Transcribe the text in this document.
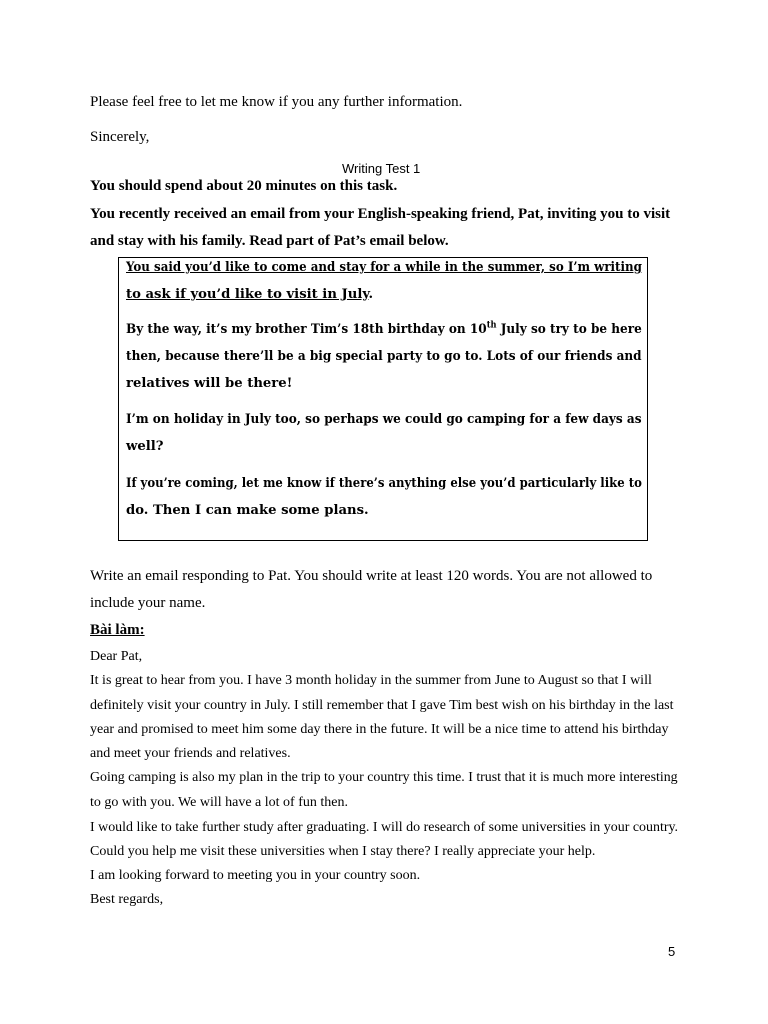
Please feel free to let me know if you any further information.
Sincerely,
Writing Test 1
You should spend about 20 minutes on this task.
You recently received an email from your English-speaking friend, Pat, inviting you to visit
and stay with his family. Read part of Pat’s email below.
You said you’d like to come and stay for a while in the summer, so I’m writing
to ask if you’d like to visit in July.
By the way, it’s my brother Tim’s 18th birthday on 10th July so try to be here
then, because there’ll be a big special party to go to. Lots of our friends and
relatives will be there!
I’m on holiday in July too, so perhaps we could go camping for a few days as
well?
If you’re coming, let me know if there’s anything else you’d particularly like to
do. Then I can make some plans.
Write an email responding to Pat. You should write at least 120 words. You are not allowed to
include your name.
Bài làm:
Dear Pat,
It is great to hear from you. I have 3 month holiday in the summer from June to August so that I will
definitely visit your country in July. I still remember that I gave Tim best wish on his birthday in the last
year and promised to meet him some day there in the future. It will be a nice time to attend his birthday
and meet your friends and relatives.
Going camping is also my plan in the trip to your country this time. I trust that it is much more interesting
to go with you. We will have a lot of fun then.
I would like to take further study after graduating. I will do research of some universities in your country.
Could you help me visit these universities when I stay there? I really appreciate your help.
I am looking forward to meeting you in your country soon.
Best regards,
5
